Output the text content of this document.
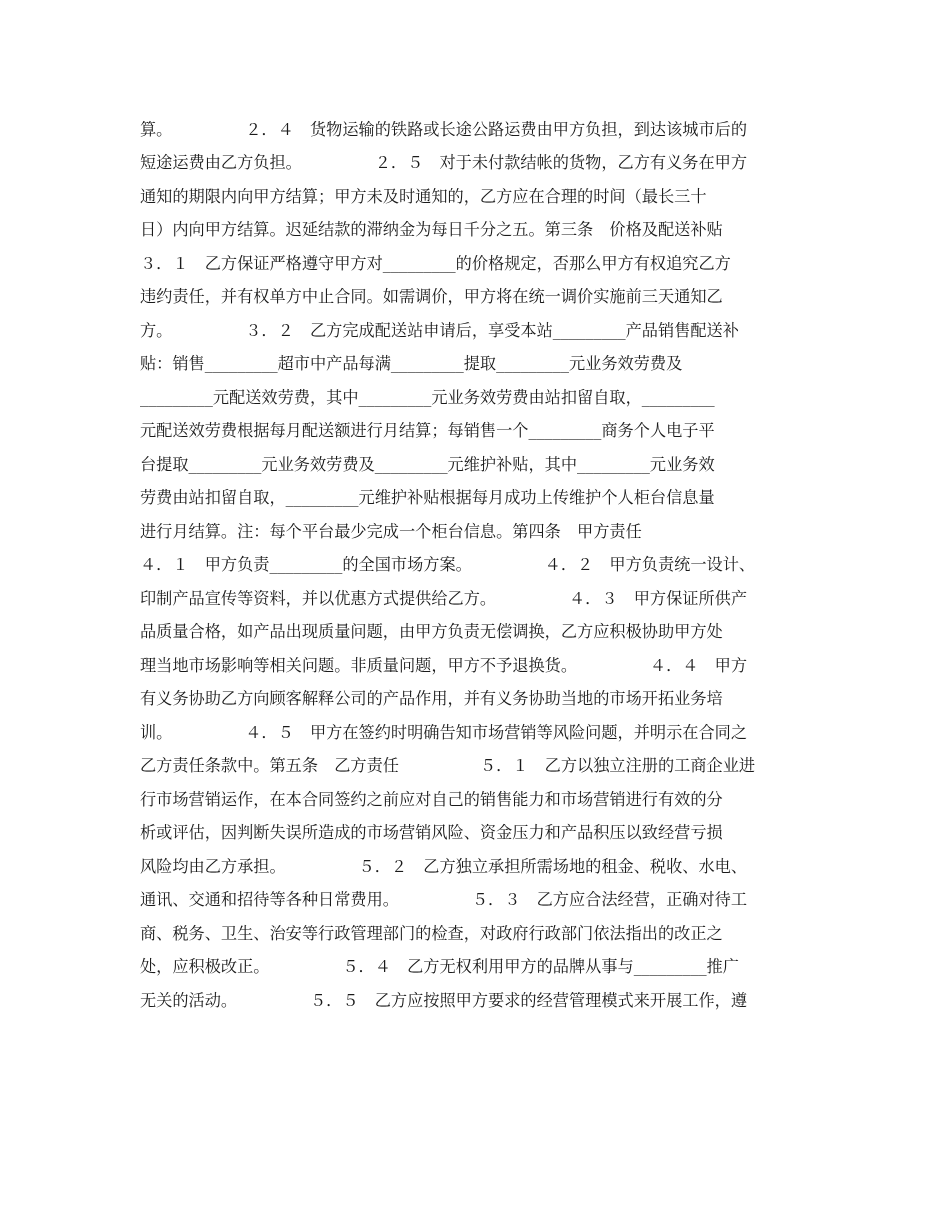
算。　　　　　２．４　货物运输的铁路或长途公路运费由甲方负担，到达该城市后的
短途运费由乙方负担。　　　　　２．５　对于未付款结帐的货物，乙方有义务在甲方
通知的期限内向甲方结算；甲方未及时通知的，乙方应在合理的时间（最长三十
日）内向甲方结算。迟延结款的滞纳金为每日千分之五。第三条　价格及配送补贴
３．１　乙方保证严格遵守甲方对_________的价格规定，否那么甲方有权追究乙方
违约责任，并有权单方中止合同。如需调价，甲方将在统一调价实施前三天通知乙
方。　　　　　３．２　乙方完成配送站申请后，享受本站_________产品销售配送补
贴：销售_________超市中产品每满_________提取_________元业务效劳费及
_________元配送效劳费，其中_________元业务效劳费由站扣留自取，_________
元配送效劳费根据每月配送额进行月结算；每销售一个_________商务个人电子平
台提取_________元业务效劳费及_________元维护补贴，其中_________元业务效
劳费由站扣留自取，_________元维护补贴根据每月成功上传维护个人柜台信息量
进行月结算。注：每个平台最少完成一个柜台信息。第四条　甲方责任
４．１　甲方负责_________的全国市场方案。　　　　　４．２　甲方负责统一设计、
印制产品宣传等资料，并以优惠方式提供给乙方。　　　　　４．３　甲方保证所供产
品质量合格，如产品出现质量问题，由甲方负责无偿调换，乙方应积极协助甲方处
理当地市场影响等相关问题。非质量问题，甲方不予退换货。　　　　　４．４　甲方
有义务协助乙方向顾客解释公司的产品作用，并有义务协助当地的市场开拓业务培
训。　　　　　４．５　甲方在签约时明确告知市场营销等风险问题，并明示在合同之
乙方责任条款中。第五条　乙方责任　　　　　５．１　乙方以独立注册的工商企业进
行市场营销运作，在本合同签约之前应对自己的销售能力和市场营销进行有效的分
析或评估，因判断失误所造成的市场营销风险、资金压力和产品积压以致经营亏损
风险均由乙方承担。　　　　　５．２　乙方独立承担所需场地的租金、税收、水电、
通讯、交通和招待等各种日常费用。　　　　　５．３　乙方应合法经营，正确对待工
商、税务、卫生、治安等行政管理部门的检查，对政府行政部门依法指出的改正之
处，应积极改正。　　　　　５．４　乙方无权利用甲方的品牌从事与_________推广
无关的活动。　　　　　５．５　乙方应按照甲方要求的经营管理模式来开展工作，遵
